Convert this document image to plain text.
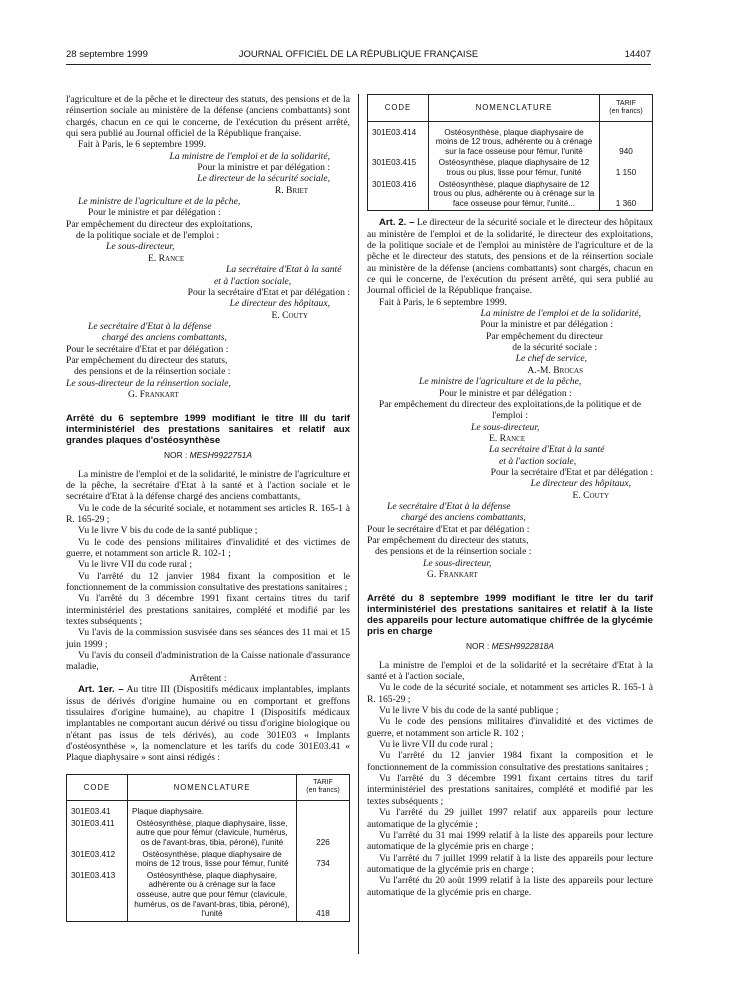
28 septembre 1999	JOURNAL OFFICIEL DE LA RÉPUBLIQUE FRANÇAISE	14407

l'agriculture et de la pêche et le directeur des statuts, des pensions et de la réinsertion sociale au ministère de la défense (anciens combattants) sont chargés, chacun en ce qui le concerne, de l'exécution du présent arrêté, qui sera publié au Journal officiel de la République française.

Fait à Paris, le 6 septembre 1999.

La ministre de l'emploi et de la solidarité,

Pour la ministre et par délégation :

Le directeur de la sécurité sociale,

R. Briet

Le ministre de l'agriculture et de la pêche,

Pour le ministre et par délégation :

Par empêchement du directeur des exploitations,

de la politique sociale et de l'emploi :

Le sous-directeur,

E. Rance

La secrétaire d'Etat à la santé

et à l'action sociale,

Pour la secrétaire d'Etat et par délégation :

Le directeur des hôpitaux,

E. Couty

Le secrétaire d'Etat à la défense

chargé des anciens combattants,

Pour le secrétaire d'Etat et par délégation :

Par empêchement du directeur des statuts,

des pensions et de la réinsertion sociale :

Le sous-directeur de la réinsertion sociale,

G. Frankart

Arrêté du 6 septembre 1999 modifiant le titre III du tarif interministériel des prestations sanitaires et relatif aux grandes plaques d'ostéosynthèse

NOR : MESH9922751A

La ministre de l'emploi et de la solidarité, le ministre de l'agriculture et de la pêche, la secrétaire d'Etat à la santé et à l'action sociale et le secrétaire d'Etat à la défense chargé des anciens combattants,

Vu le code de la sécurité sociale, et notamment ses articles R. 165-1 à R. 165-29 ;

Vu le livre V bis du code de la santé publique ;

Vu le code des pensions militaires d'invalidité et des victimes de guerre, et notamment son article R. 102-1 ;

Vu le livre VII du code rural ;

Vu l'arrêté du 12 janvier 1984 fixant la composition et le fonctionnement de la commission consultative des prestations sanitaires ;

Vu l'arrêté du 3 décembre 1991 fixant certains titres du tarif interministériel des prestations sanitaires, complété et modifié par les textes subséquents ;

Vu l'avis de la commission susvisée dans ses séances des 11 mai et 15 juin 1999 ;

Vu l'avis du conseil d'administration de la Caisse nationale d'assurance maladie,

Arrêtent :

Art. 1er. – Au titre III (Dispositifs médicaux implantables, implants issus de dérivés d'origine humaine ou en comportant et greffons tissulaires d'origine humaine), au chapitre I (Dispositifs médicaux implantables ne comportant aucun dérivé ou tissu d'origine biologique ou n'étant pas issus de tels dérivés), au code 301E03 « Implants d'ostéosynthèse », la nomenclature et les tarifs du code 301E03.41 « Plaque diaphysaire » sont ainsi rédigés :

CODE	NOMENCLATURE	TARIF
(en francs)
301E03.41	Plaque diaphysaire.	
301E03.411	Ostéosynthèse, plaque diaphysaire, lisse, autre que pour fémur (clavicule, humérus, os de l'avant-bras, tibia, péroné), l'unité	226
301E03.412	Ostéosynthèse, plaque diaphysaire de moins de 12 trous, lisse pour fémur, l'unité	734
301E03.413	Ostéosynthèse, plaque diaphysaire, adhérente ou à crénage sur la face osseuse, autre que pour fémur (clavicule, humérus, os de l'avant-bras, tibia, péroné), l'unité	418
CODE	NOMENCLATURE	TARIF
(en francs)
301E03.414	Ostéosynthèse, plaque diaphysaire de moins de 12 trous, adhérente ou à crénage sur la face osseuse pour fémur, l'unité	940
301E03.415	Ostéosynthèse, plaque diaphysaire de 12 trous ou plus, lisse pour fémur, l'unité	1 150
301E03.416	Ostéosynthèse, plaque diaphysaire de 12 trous ou plus, adhérente ou à crénage sur la face osseuse pour fémur, l'unité...	1 360

Art. 2. – Le directeur de la sécurité sociale et le directeur des hôpitaux au ministère de l'emploi et de la solidarité, le directeur des exploitations, de la politique sociale et de l'emploi au ministère de l'agriculture et de la pêche et le directeur des statuts, des pensions et de la réinsertion sociale au ministère de la défense (anciens combattants) sont chargés, chacun en ce qui le concerne, de l'exécution du présent arrêté, qui sera publié au Journal officiel de la République française.

Fait à Paris, le 6 septembre 1999.

La ministre de l'emploi et de la solidarité,

Pour la ministre et par délégation :

Par empêchement du directeur

de la sécurité sociale :

Le chef de service,

A.-M. Brocas

Le ministre de l'agriculture et de la pêche,

Pour le ministre et par délégation :

Par empêchement du directeur des exploitations,de la politique et de l'emploi :

Le sous-directeur,

E. Rance

La secrétaire d'Etat à la santé

et à l'action sociale,

Pour la secrétaire d'Etat et par délégation :

Le directeur des hôpitaux,

E. Couty

Le secrétaire d'Etat à la défense

chargé des anciens combattants,

Pour le secrétaire d'Etat et par délégation :

Par empêchement du directeur des statuts,

des pensions et de la réinsertion sociale :

Le sous-directeur,

G. Frankart

Arrêté du 8 septembre 1999 modifiant le titre Ier du tarif interministériel des prestations sanitaires et relatif à la liste des appareils pour lecture automatique chiffrée de la glycémie pris en charge

NOR : MESH9922818A

La ministre de l'emploi et de la solidarité et la secrétaire d'Etat à la santé et à l'action sociale,

Vu le code de la sécurité sociale, et notamment ses articles R. 165-1 à R. 165-29 ;

Vu le livre V bis du code de la santé publique ;

Vu le code des pensions militaires d'invalidité et des victimes de guerre, et notamment son article R. 102 ;

Vu le livre VII du code rural ;

Vu l'arrêté du 12 janvier 1984 fixant la composition et le fonctionnement de la commission consultative des prestations sanitaires ;

Vu l'arrêté du 3 décembre 1991 fixant certains titres du tarif interministériel des prestations sanitaires, complété et modifié par les textes subséquents ;

Vu l'arrêté du 29 juillet 1997 relatif aux appareils pour lecture automatique de la glycémie ;

Vu l'arrêté du 31 mai 1999 relatif à la liste des appareils pour lecture automatique de la glycémie pris en charge ;

Vu l'arrêté du 7 juillet 1999 relatif à la liste des appareils pour lecture automatique de la glycémie pris en charge ;

Vu l'arrêté du 20 août 1999 relatif à la liste des appareils pour lecture automatique de la glycémie pris en charge.
